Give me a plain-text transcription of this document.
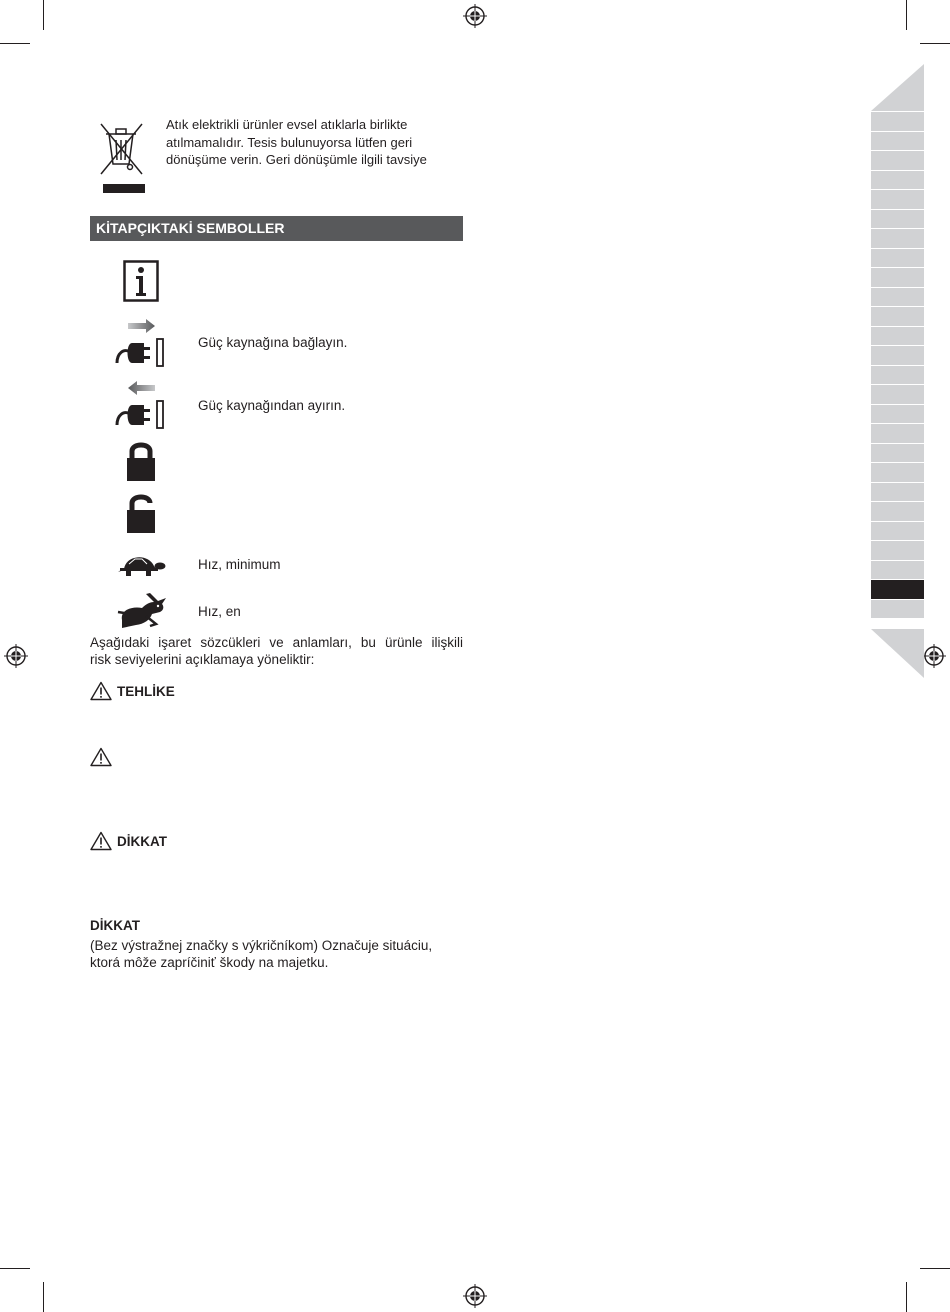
Atık elektrikli ürünler evsel atıklarla birlikte
atılmamalıdır. Tesis bulunuyorsa lütfen geri
dönüşüme verin. Geri dönüşümle ilgili tavsiye
KİTAPÇIKTAKİ SEMBOLLER
Güç kaynağına bağlayın.
Güç kaynağından ayırın.
Hız, minimum
Hız, en
Aşağıdaki işaret sözcükleri ve anlamları, bu ürünle ilişkili
risk seviyelerini açıklamaya yöneliktir:
TEHLİKE
DİKKAT
DİKKAT
(Bez výstražnej značky s výkričníkom) Označuje situáciu,
ktorá môže zapríčiniť škody na majetku.
